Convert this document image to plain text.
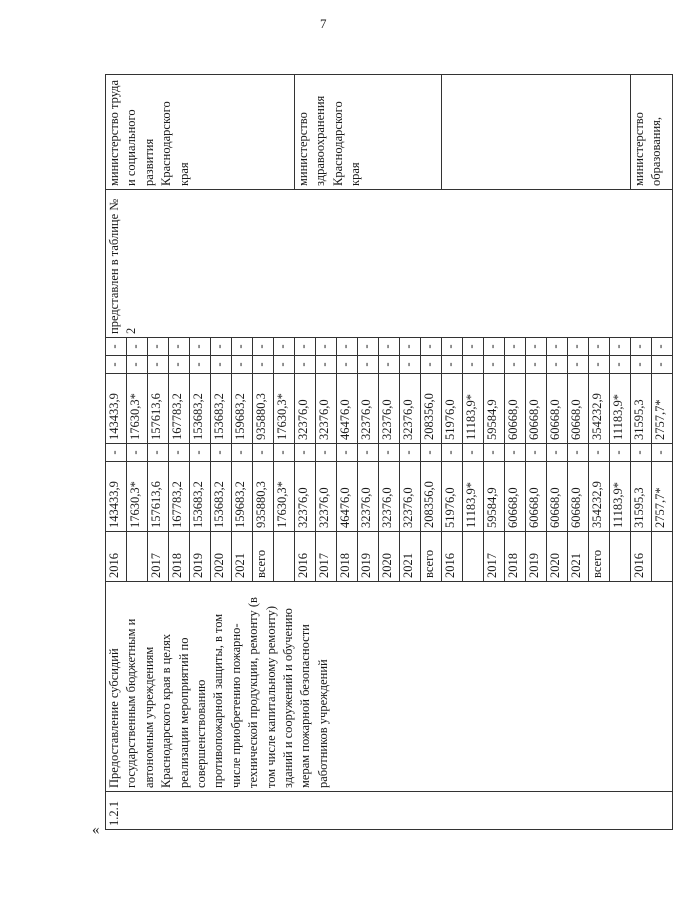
7
«
1.2.1	Предоставление субсидий государственным бюджетным и автономным учреждениям Краснодарского края в целях реализации мероприятий по совершенствованию противопожарной защиты, в том числе приобретению пожарно-технической продукции, ремонту (в том числе капитальному ремонту) зданий и сооружений и обучению мерам пожарной безопасности работников учреждений	2016	143433,9	-	143433,9	-	-	представлен в таблице № 2	министерство труда и социального развития Краснодарского края
			17630,3*	-	17630,3*	-	-		
		2017	157613,6	-	157613,6	-	-		
		2018	167783,2	-	167783,2	-	-		
		2019	153683,2	-	153683,2	-	-		
		2020	153683,2	-	153683,2	-	-		
		2021	159683,2	-	159683,2	-	-		
		всего	935880,3	-	935880,3	-	-		
			17630,3*	-	17630,3*	-	-		
		2016	32376,0	-	32376,0	-	-		министерство здравоохранения Краснодарского края
		2017	32376,0	-	32376,0	-	-		
		2018	46476,0	-	46476,0	-	-		
		2019	32376,0	-	32376,0	-	-		
		2020	32376,0	-	32376,0	-	-		
		2021	32376,0	-	32376,0	-	-		
		всего	208356,0	-	208356,0	-	-		
		2016	51976,0	-	51976,0	-	-		
			11183,9*	-	11183,9*	-	-		
		2017	59584,9	-	59584,9	-	-		
		2018	60668,0	-	60668,0	-	-		
		2019	60668,0	-	60668,0	-	-		
		2020	60668,0	-	60668,0	-	-		
		2021	60668,0	-	60668,0	-	-		
		всего	354232,9	-	354232,9	-	-		
			11183,9*	-	11183,9*	-	-		
		2016	31595,3	-	31595,3	-	-		министерство образования,
			2757,7*	-	2757,7*	-	-		
